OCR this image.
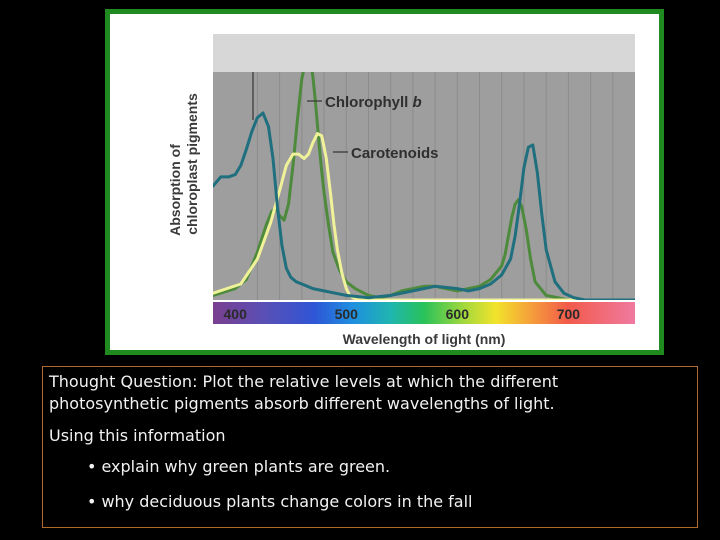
400	500	600	700
Wavelength of light (nm)
Absorption of chloroplast pigments	Chlorophyll b
Carotenoids

Thought Question: Plot the relative levels at which the different

photosynthetic pigments absorb different wavelengths of light.

Using this information

• explain why green plants are green.

• why deciduous plants change colors in the fall
